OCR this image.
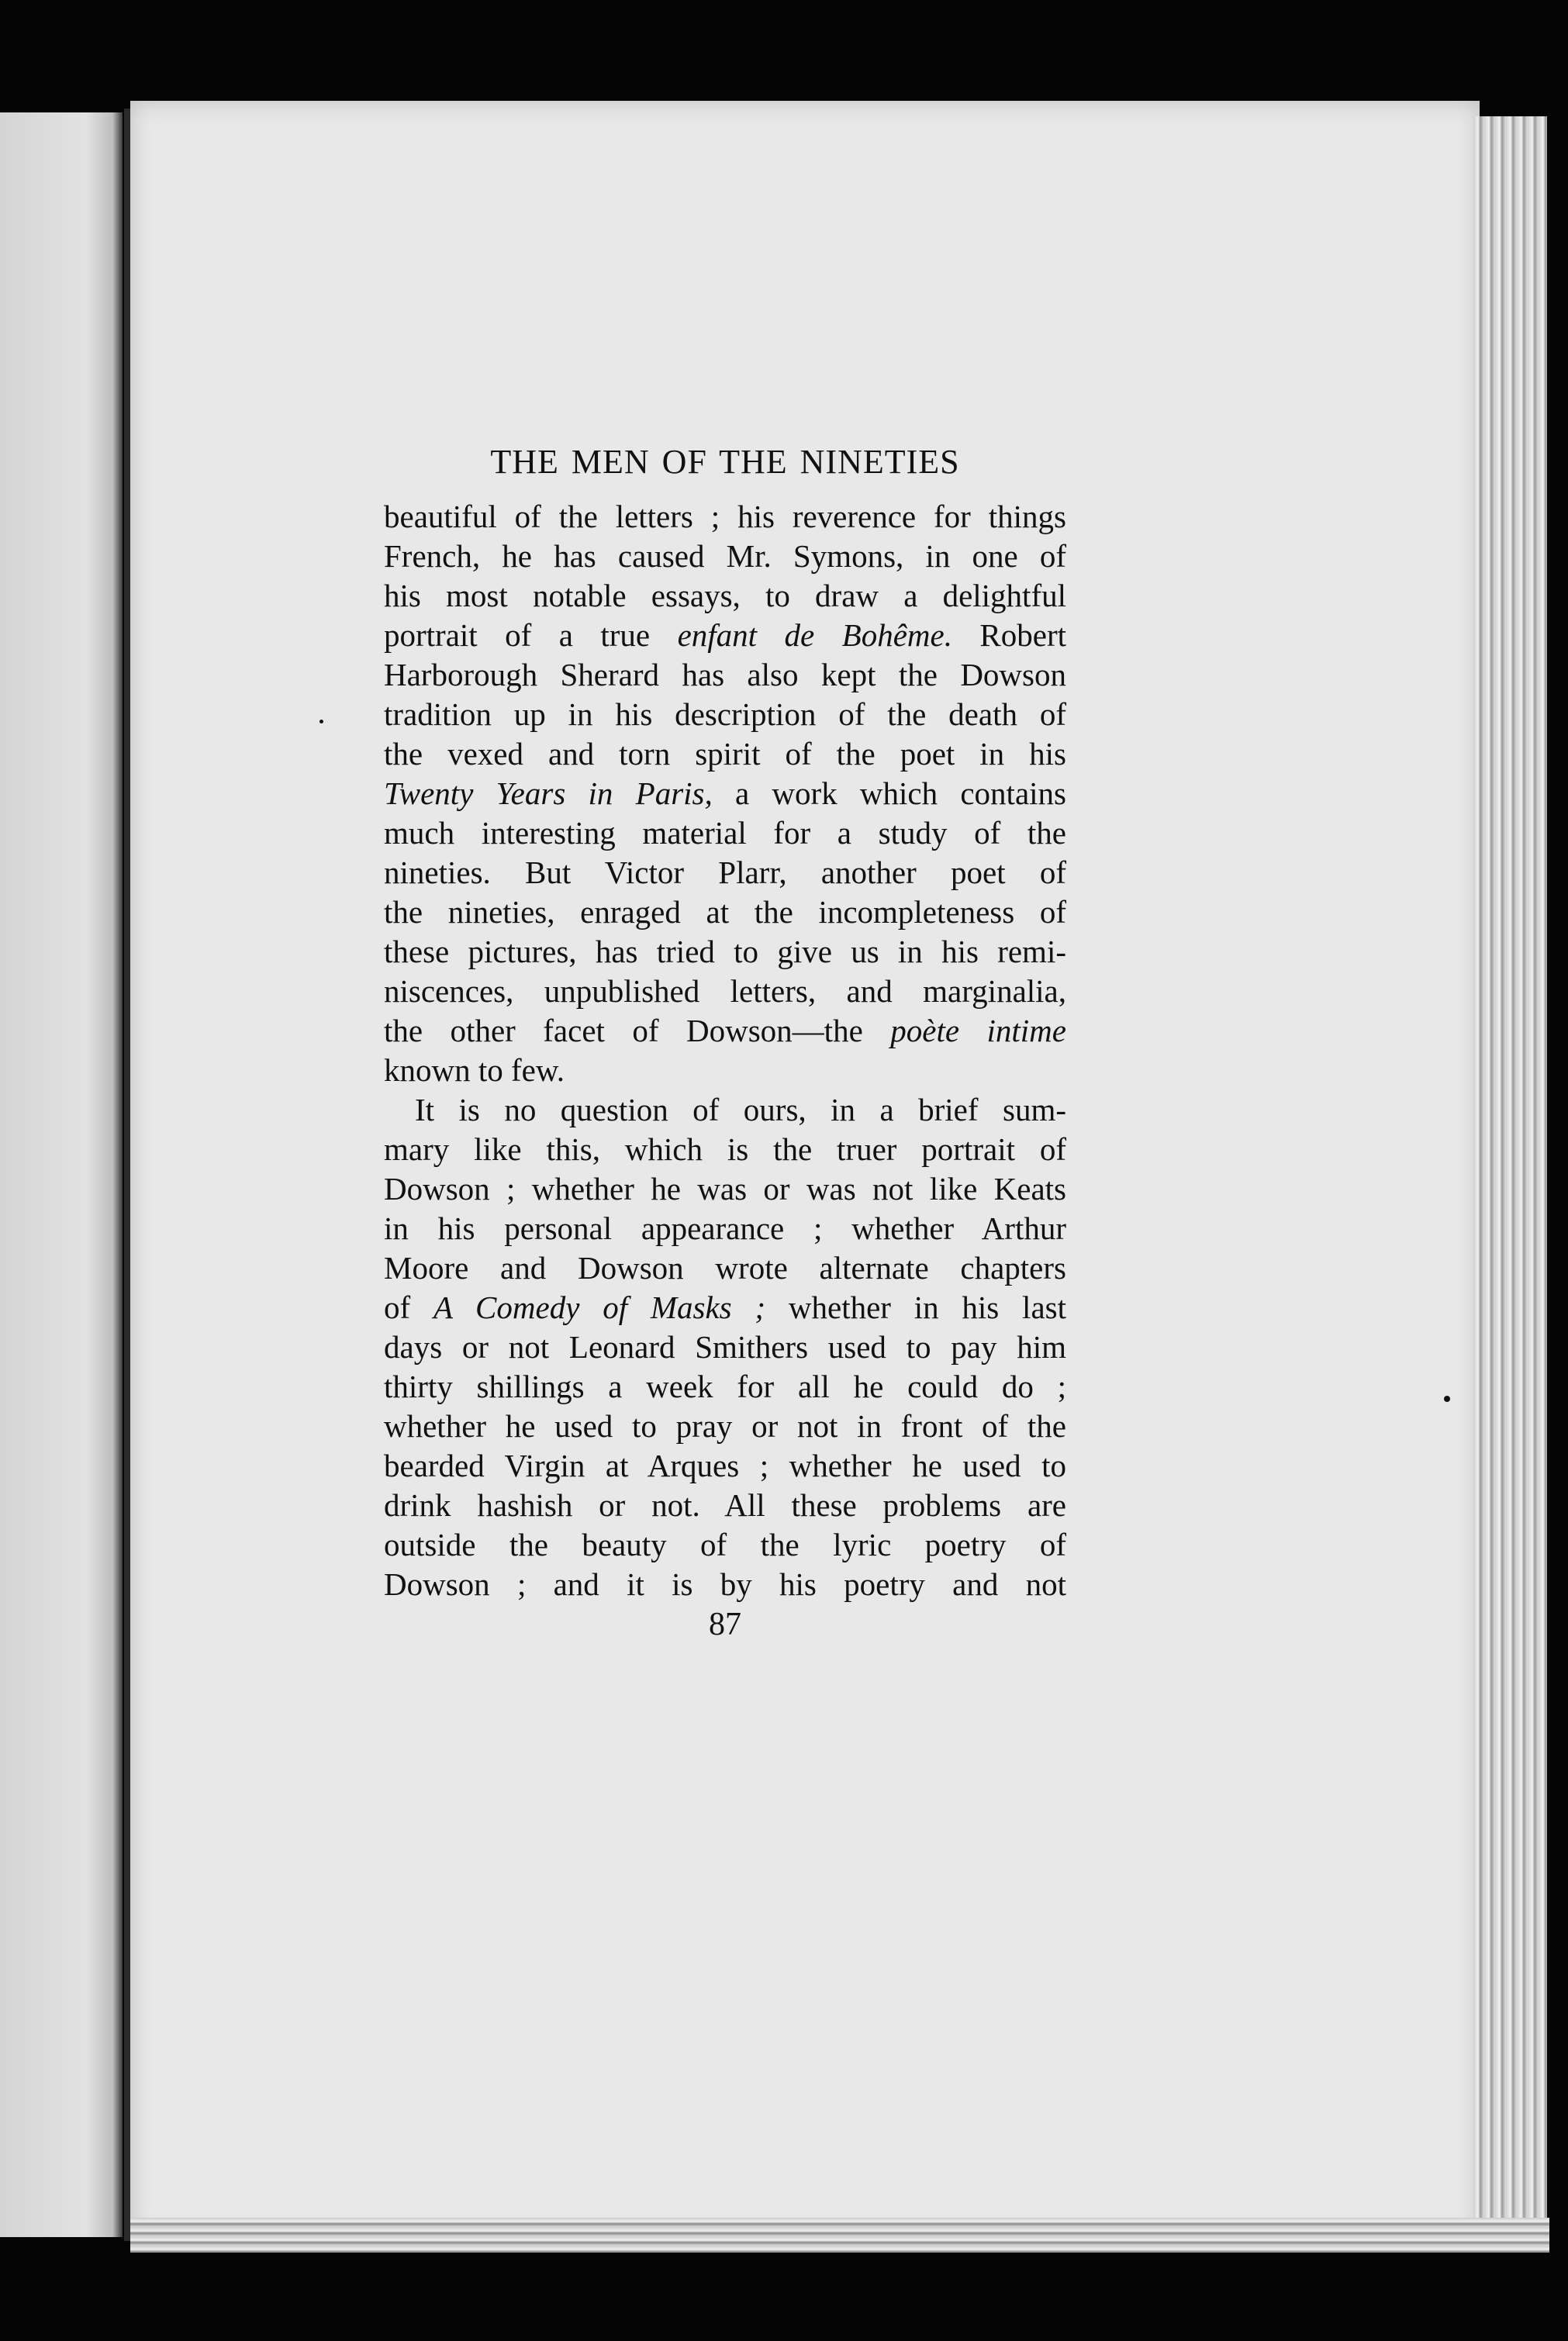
THE MEN OF THE NINETIES
beautiful of the letters ; his reverence for things
French, he has caused Mr. Symons, in one of
his most notable essays, to draw a delightful
portrait of a true enfant de Bohême. Robert
Harborough Sherard has also kept the Dowson
tradition up in his description of the death of
the vexed and torn spirit of the poet in his
Twenty Years in Paris, a work which contains
much interesting material for a study of the
nineties. But Victor Plarr, another poet of
the nineties, enraged at the incompleteness of
these pictures, has tried to give us in his remi-
niscences, unpublished letters, and marginalia,
the other facet of Dowson—the poète intime
known to few.
It is no question of ours, in a brief sum-
mary like this, which is the truer portrait of
Dowson ; whether he was or was not like Keats
in his personal appearance ; whether Arthur
Moore and Dowson wrote alternate chapters
of A Comedy of Masks ; whether in his last
days or not Leonard Smithers used to pay him
thirty shillings a week for all he could do ;
whether he used to pray or not in front of the
bearded Virgin at Arques ; whether he used to
drink hashish or not. All these problems are
outside the beauty of the lyric poetry of
Dowson ; and it is by his poetry and not
87
